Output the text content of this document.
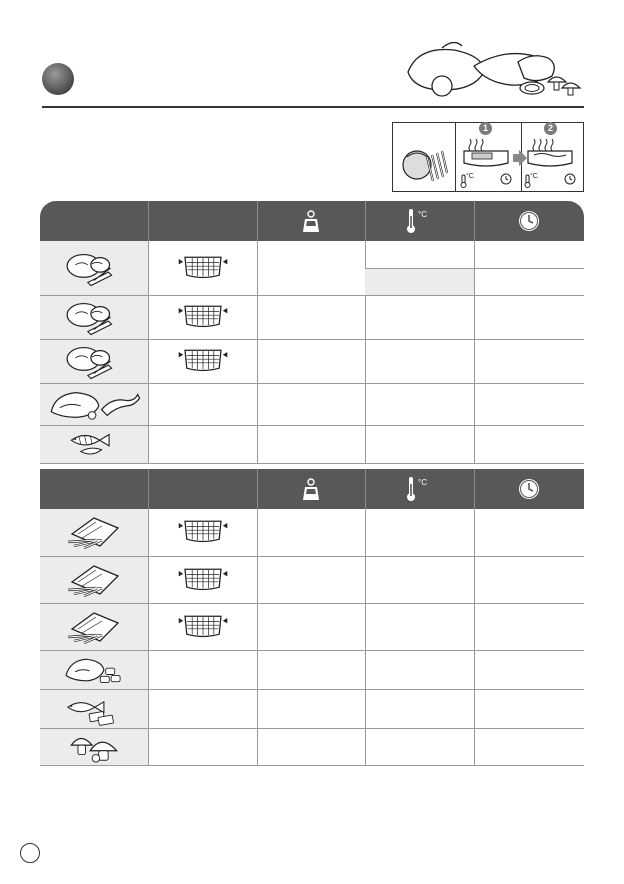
1
°C
2
°C
